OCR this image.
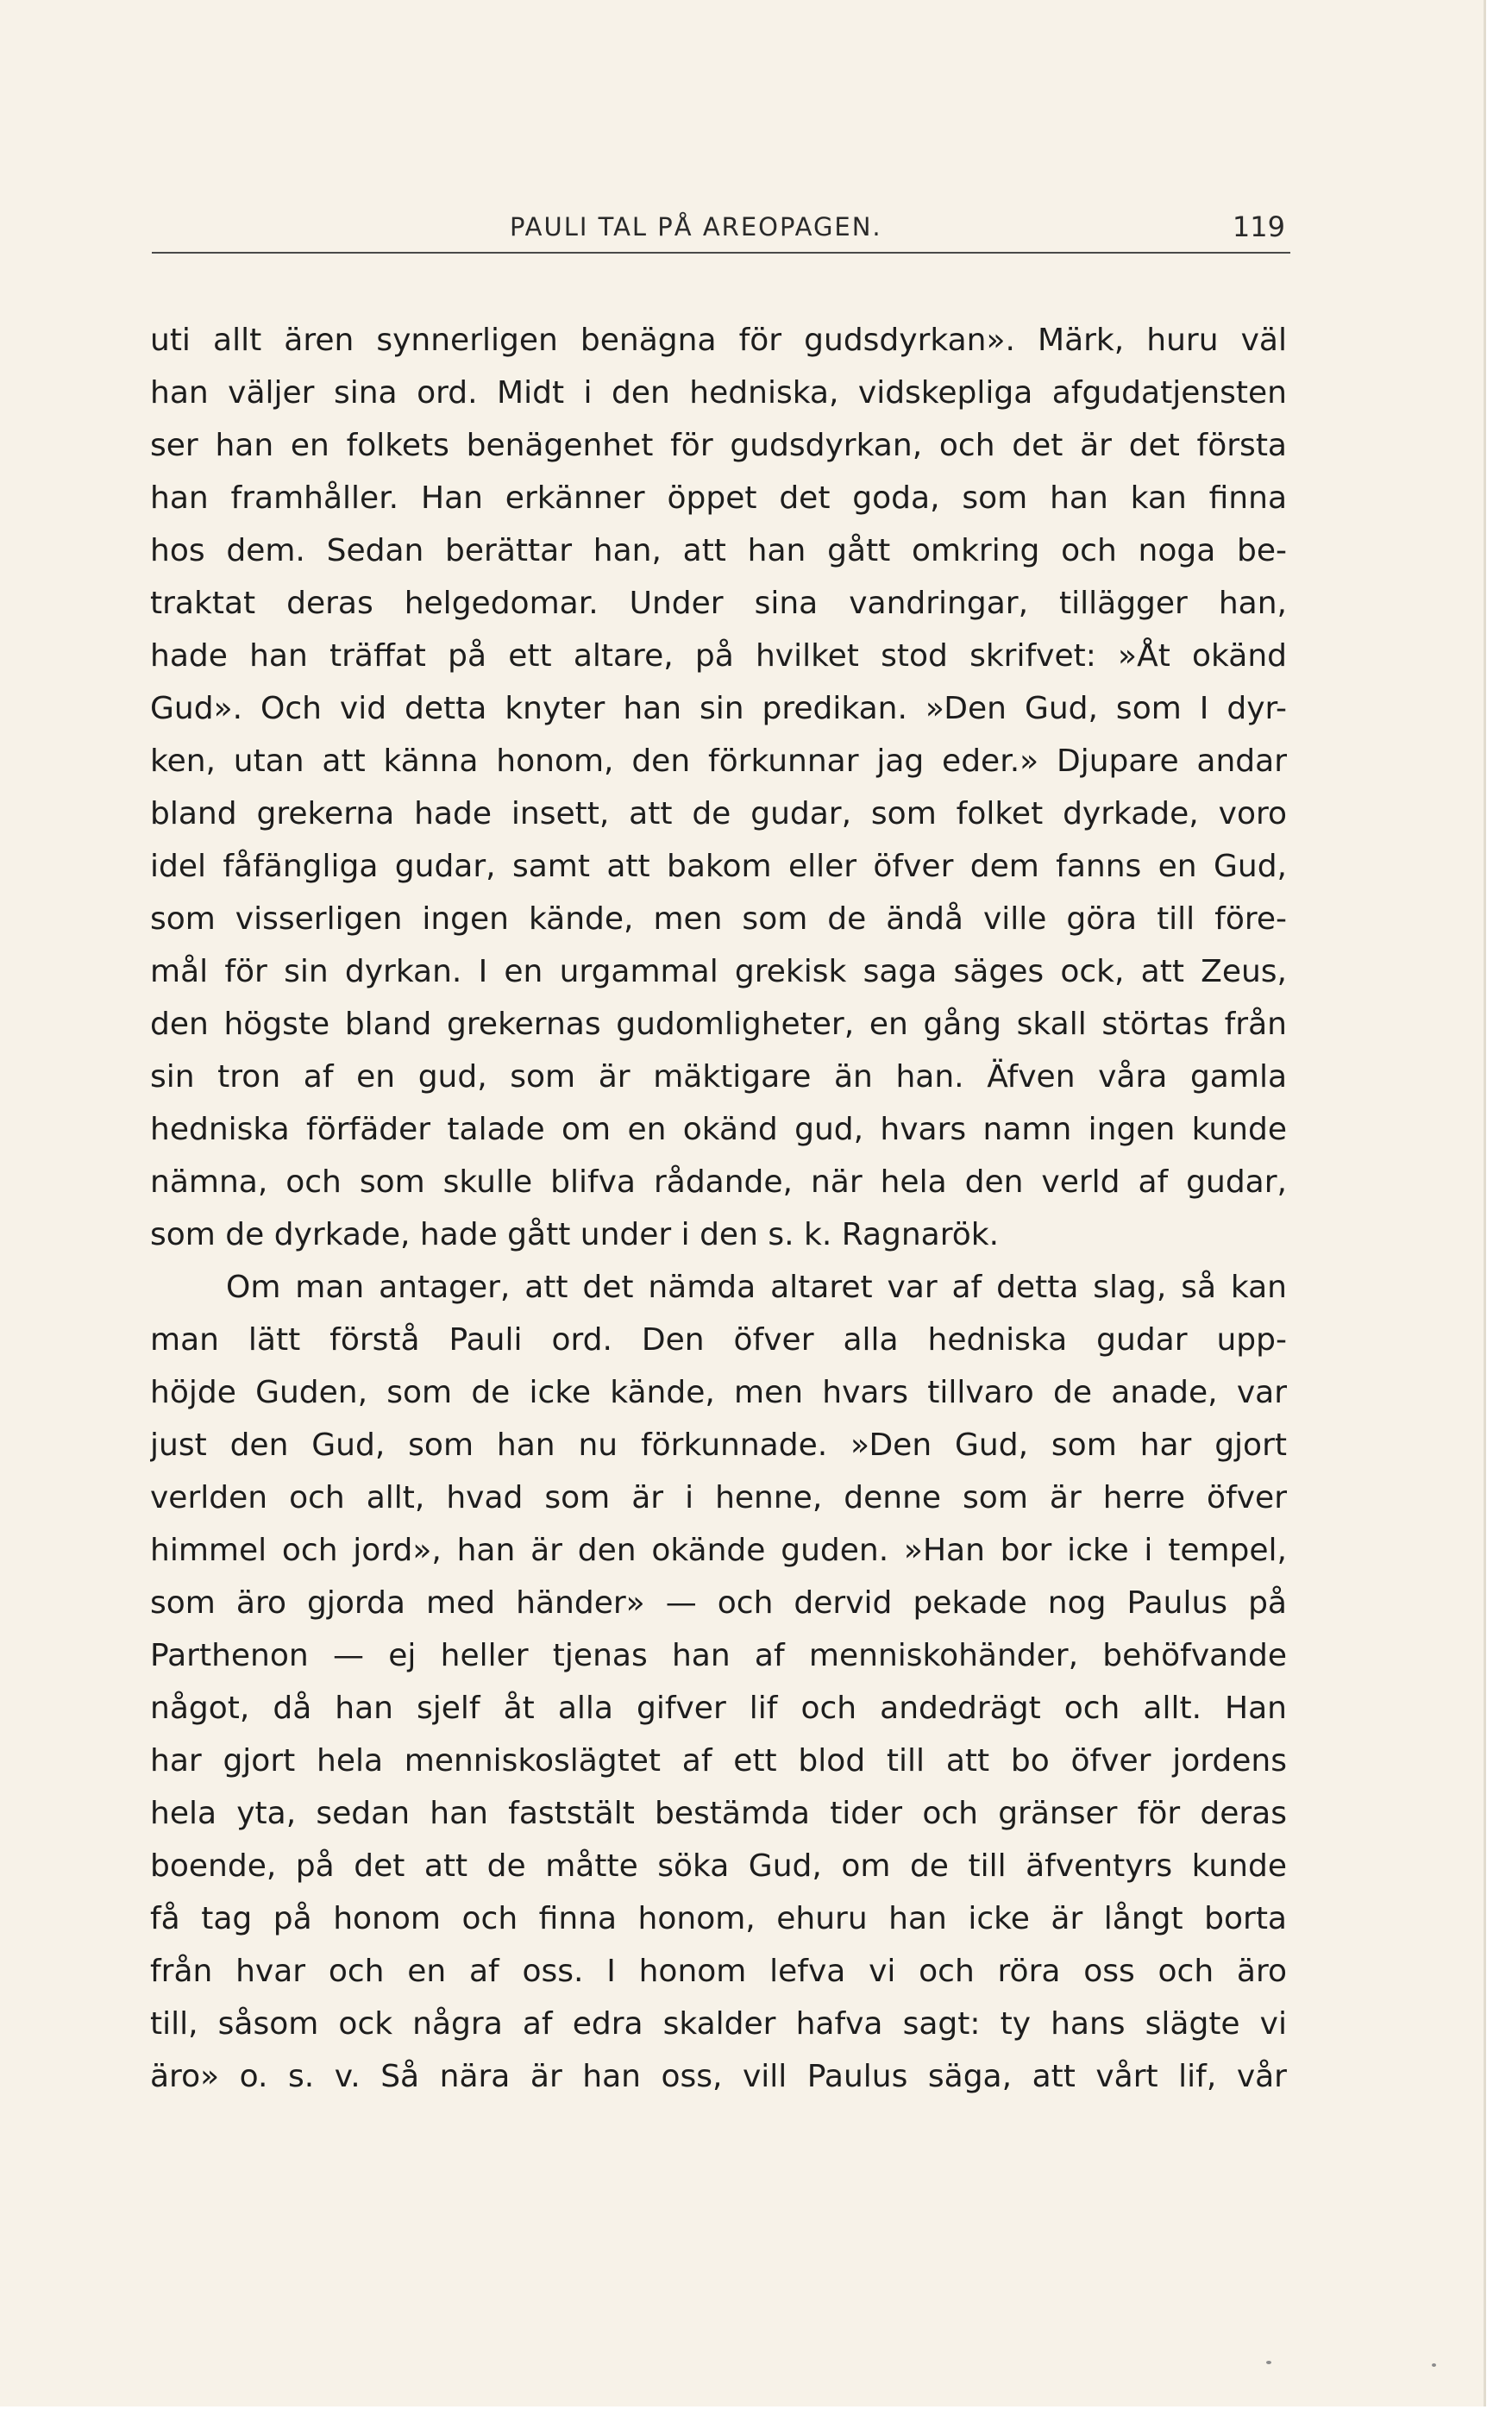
PAULI TAL PÅ AREOPAGEN.	119
uti allt ären synnerligen benägna för gudsdyrkan». Märk, huru väl
han väljer sina ord. Midt i den hedniska, vidskepliga afgudatjensten
ser han en folkets benägenhet för gudsdyrkan, och det är det första
han framhåller. Han erkänner öppet det goda, som han kan finna
hos dem. Sedan berättar han, att han gått omkring och noga be-
traktat deras helgedomar. Under sina vandringar, tillägger han,
hade han träffat på ett altare, på hvilket stod skrifvet: »Åt okänd
Gud». Och vid detta knyter han sin predikan. »Den Gud, som I dyr-
ken, utan att känna honom, den förkunnar jag eder.» Djupare andar
bland grekerna hade insett, att de gudar, som folket dyrkade, voro
idel fåfängliga gudar, samt att bakom eller öfver dem fanns en Gud,
som visserligen ingen kände, men som de ändå ville göra till före-
mål för sin dyrkan. I en urgammal grekisk saga säges ock, att Zeus,
den högste bland grekernas gudomligheter, en gång skall störtas från
sin tron af en gud, som är mäktigare än han. Äfven våra gamla
hedniska förfäder talade om en okänd gud, hvars namn ingen kunde
nämna, och som skulle blifva rådande, när hela den verld af gudar,
som de dyrkade, hade gått under i den s. k. Ragnarök.
Om man antager, att det nämda altaret var af detta slag, så kan
man lätt förstå Pauli ord. Den öfver alla hedniska gudar upp-
höjde Guden, som de icke kände, men hvars tillvaro de anade, var
just den Gud, som han nu förkunnade. »Den Gud, som har gjort
verlden och allt, hvad som är i henne, denne som är herre öfver
himmel och jord», han är den okände guden. »Han bor icke i tempel,
som äro gjorda med händer» — och dervid pekade nog Paulus på
Parthenon — ej heller tjenas han af menniskohänder, behöfvande
något, då han sjelf åt alla gifver lif och andedrägt och allt. Han
har gjort hela menniskoslägtet af ett blod till att bo öfver jordens
hela yta, sedan han faststält bestämda tider och gränser för deras
boende, på det att de måtte söka Gud, om de till äfventyrs kunde
få tag på honom och finna honom, ehuru han icke är långt borta
från hvar och en af oss. I honom lefva vi och röra oss och äro
till, såsom ock några af edra skalder hafva sagt: ty hans slägte vi
äro» o. s. v. Så nära är han oss, vill Paulus säga, att vårt lif, vår
